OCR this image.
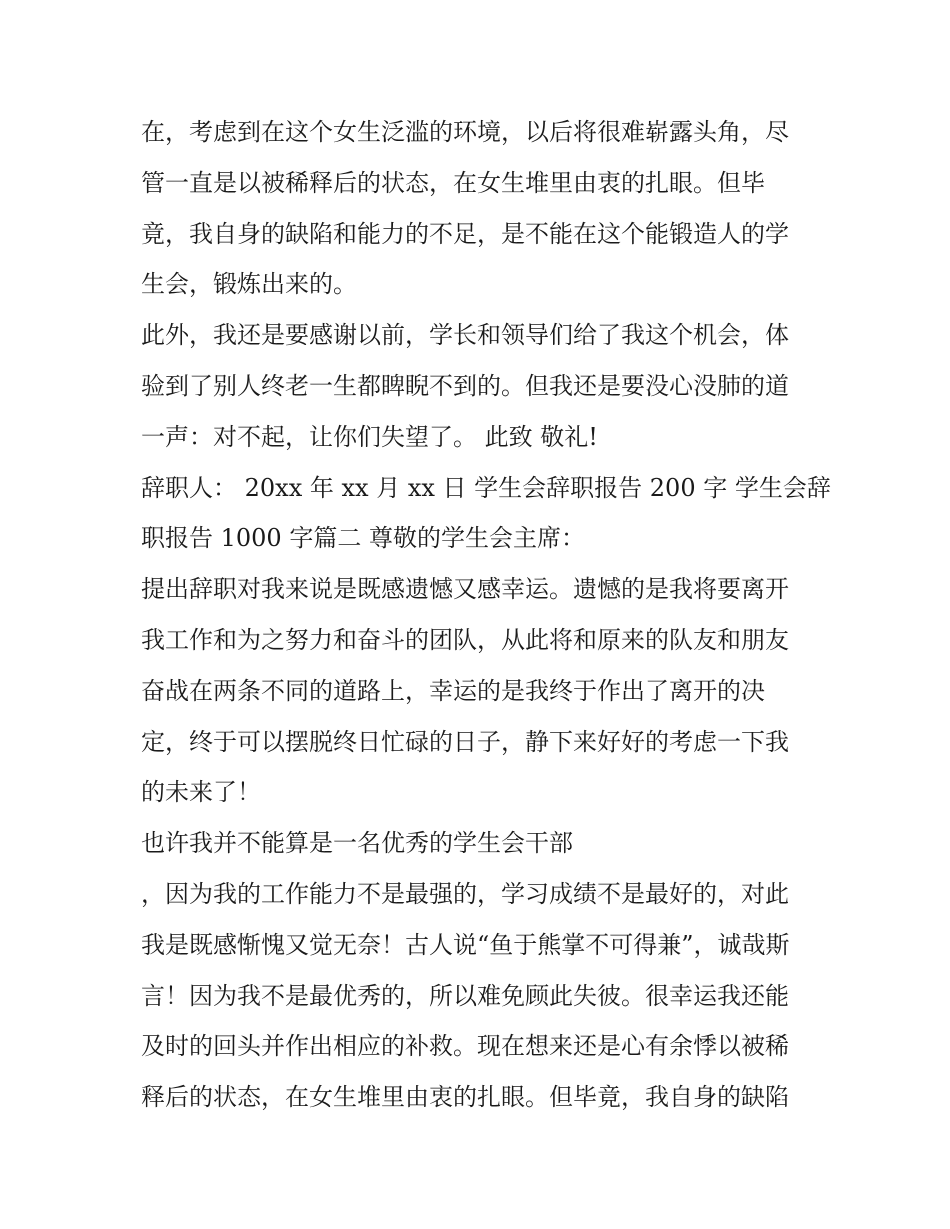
在，考虑到在这个女生泛滥的环境，以后将很难崭露头角，尽
管一直是以被稀释后的状态，在女生堆里由衷的扎眼。但毕
竟，我自身的缺陷和能力的不足，是不能在这个能锻造人的学
生会，锻炼出来的。
此外，我还是要感谢以前，学长和领导们给了我这个机会，体
验到了别人终老一生都睥睨不到的。但我还是要没心没肺的道
一声：对不起，让你们失望了。 此致 敬礼!
辞职人： 20xx 年 xx 月 xx 日 学生会辞职报告 200 字 学生会辞
职报告 1000 字篇二 尊敬的学生会主席：
提出辞职对我来说是既感遗憾又感幸运。遗憾的是我将要离开
我工作和为之努力和奋斗的团队，从此将和原来的队友和朋友
奋战在两条不同的道路上，幸运的是我终于作出了离开的决
定，终于可以摆脱终日忙碌的日子，静下来好好的考虑一下我
的未来了！
也许我并不能算是一名优秀的学生会干部
，因为我的工作能力不是最强的，学习成绩不是最好的，对此
我是既感惭愧又觉无奈！古人说“鱼于熊掌不可得兼”，诚哉斯
言！因为我不是最优秀的，所以难免顾此失彼。很幸运我还能
及时的回头并作出相应的补救。现在想来还是心有余悸以被稀
释后的状态，在女生堆里由衷的扎眼。但毕竟，我自身的缺陷
